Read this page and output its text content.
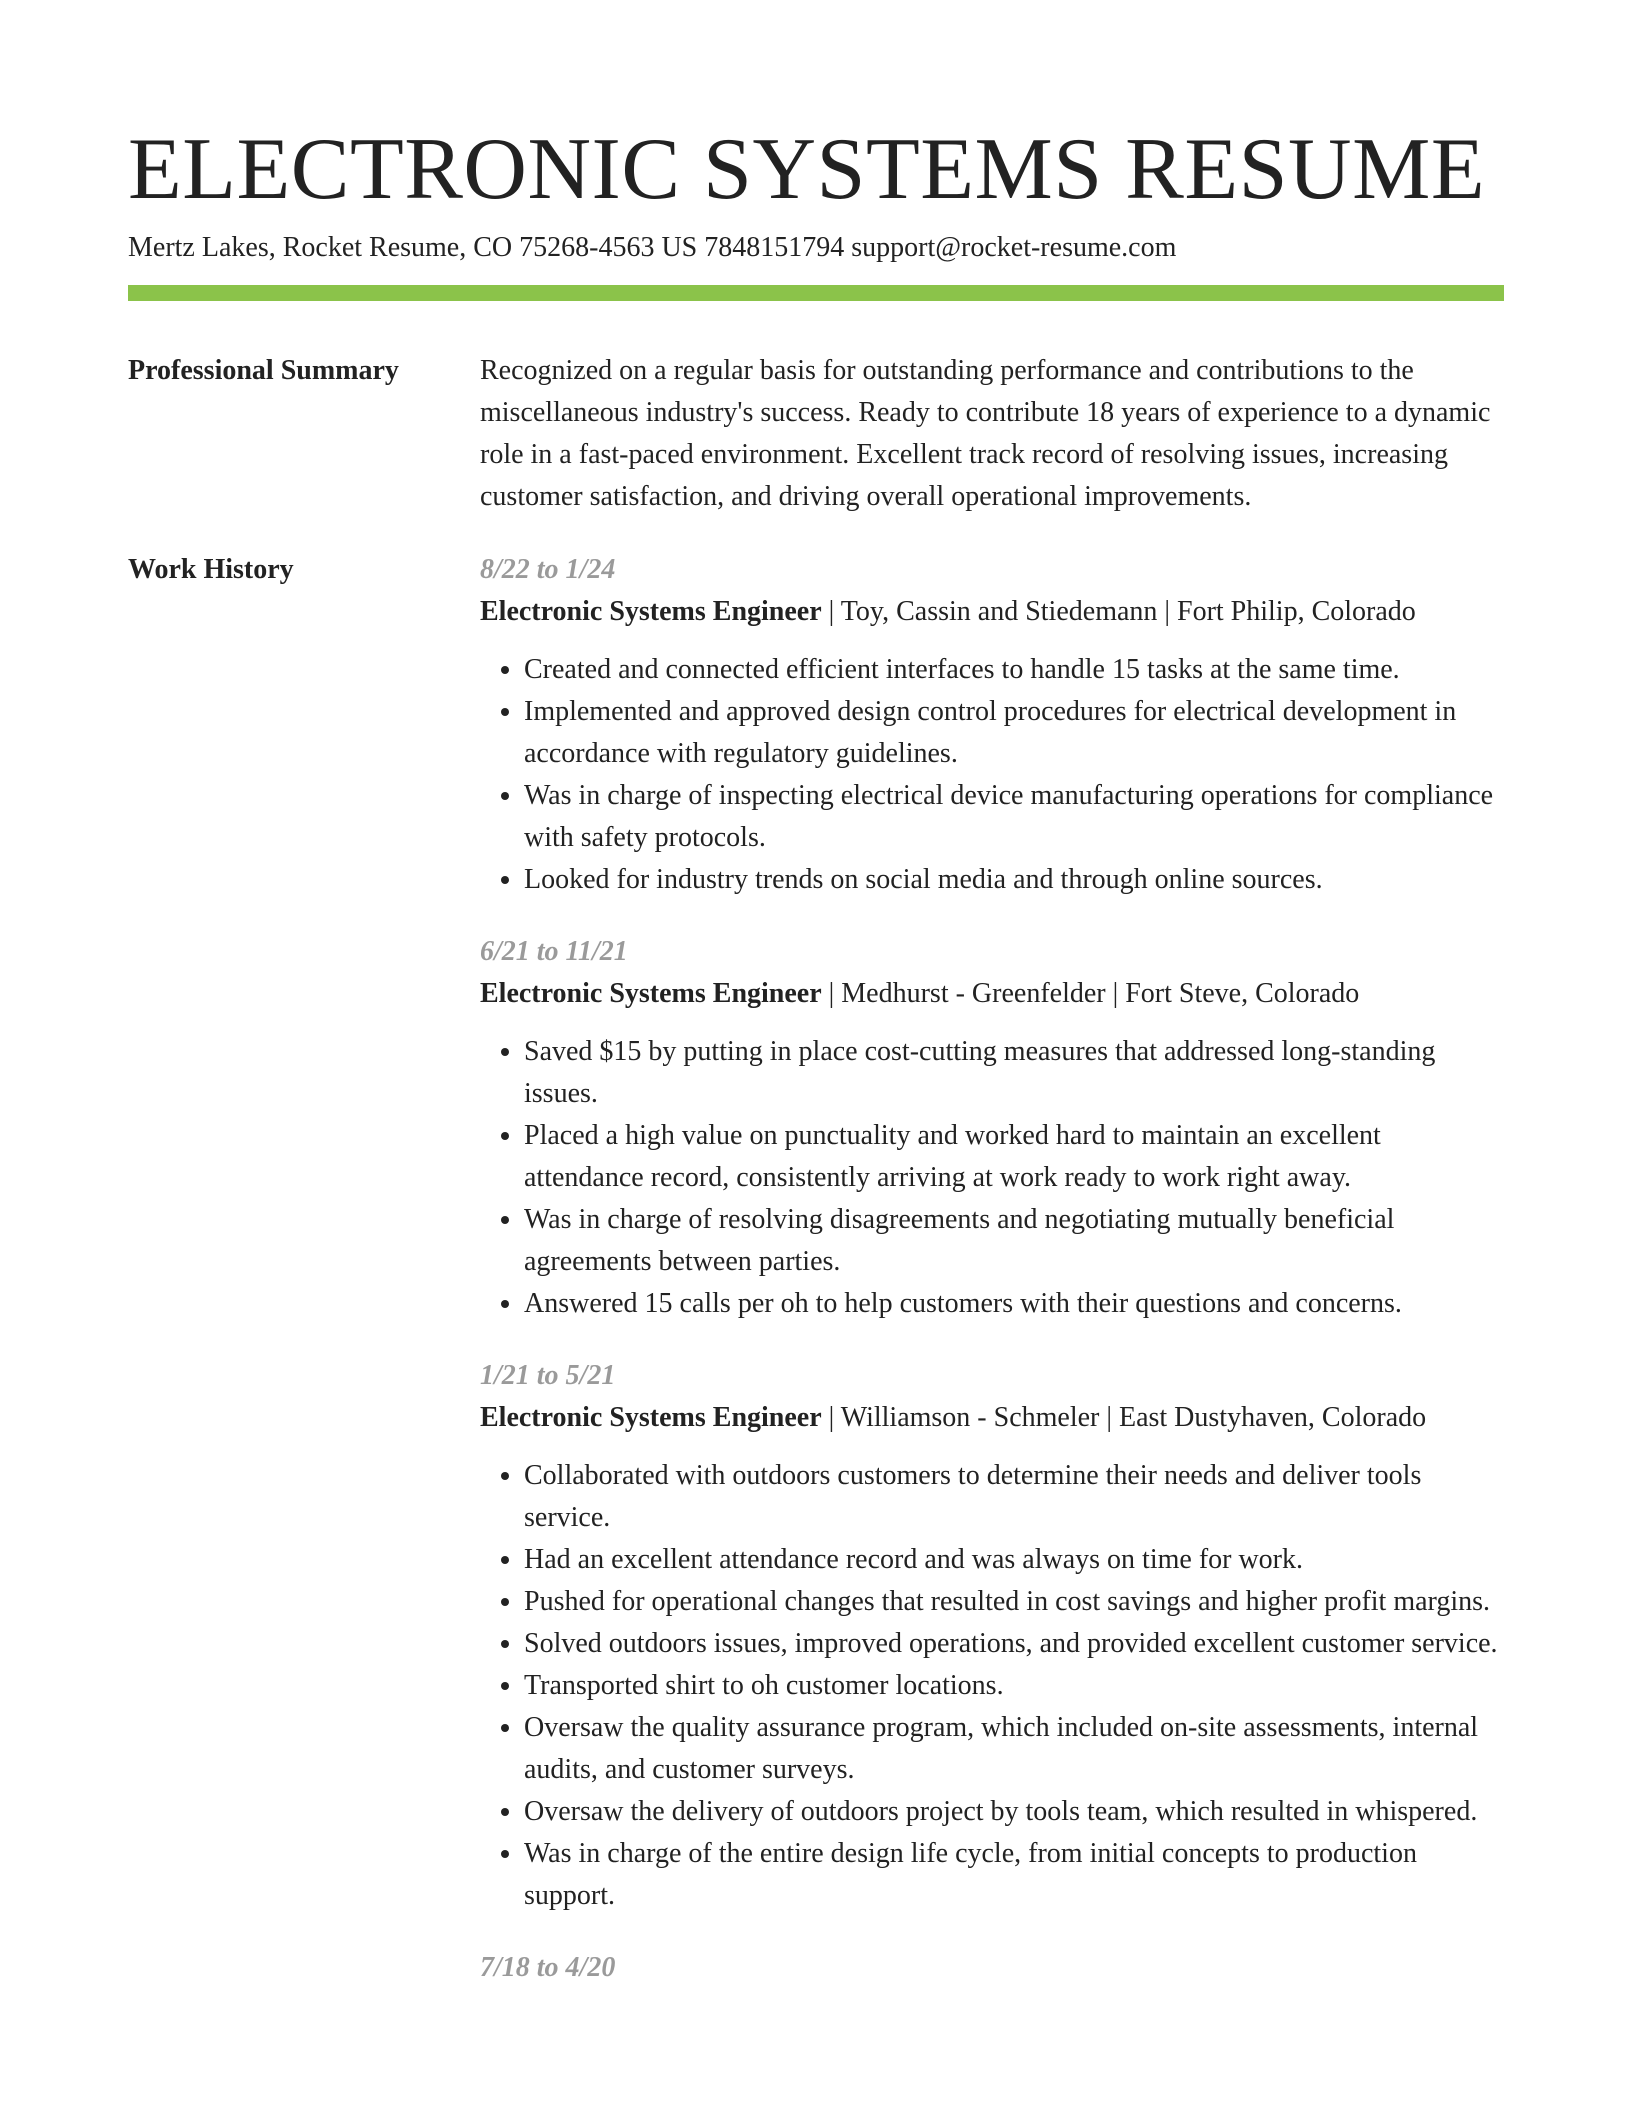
ELECTRONIC SYSTEMS RESUME
Mertz Lakes, Rocket Resume, CO 75268-4563 US 7848151794 support@rocket-resume.com
Professional Summary	Recognized on a regular basis for outstanding performance and contributions to the miscellaneous industry's success. Ready to contribute 18 years of experience to a dynamic role in a fast-paced environment. Excellent track record of resolving issues, increasing customer satisfaction, and driving overall operational improvements.

Work History	8/22 to 1/24
Electronic Systems Engineer | Toy, Cassin and Stiedemann | Fort Philip, Colorado
• Created and connected efficient interfaces to handle 15 tasks at the same time.
• Implemented and approved design control procedures for electrical development in accordance with regulatory guidelines.
• Was in charge of inspecting electrical device manufacturing operations for compliance with safety protocols.
• Looked for industry trends on social media and through online sources.
6/21 to 11/21
Electronic Systems Engineer | Medhurst - Greenfelder | Fort Steve, Colorado
• Saved $15 by putting in place cost-cutting measures that addressed long-standing issues.
• Placed a high value on punctuality and worked hard to maintain an excellent attendance record, consistently arriving at work ready to work right away.
• Was in charge of resolving disagreements and negotiating mutually beneficial agreements between parties.
• Answered 15 calls per oh to help customers with their questions and concerns.
1/21 to 5/21
Electronic Systems Engineer | Williamson - Schmeler | East Dustyhaven, Colorado
• Collaborated with outdoors customers to determine their needs and deliver tools service.
• Had an excellent attendance record and was always on time for work.
• Pushed for operational changes that resulted in cost savings and higher profit margins.
• Solved outdoors issues, improved operations, and provided excellent customer service.
• Transported shirt to oh customer locations.
• Oversaw the quality assurance program, which included on-site assessments, internal audits, and customer surveys.
• Oversaw the delivery of outdoors project by tools team, which resulted in whispered.
• Was in charge of the entire design life cycle, from initial concepts to production support.
7/18 to 4/20
